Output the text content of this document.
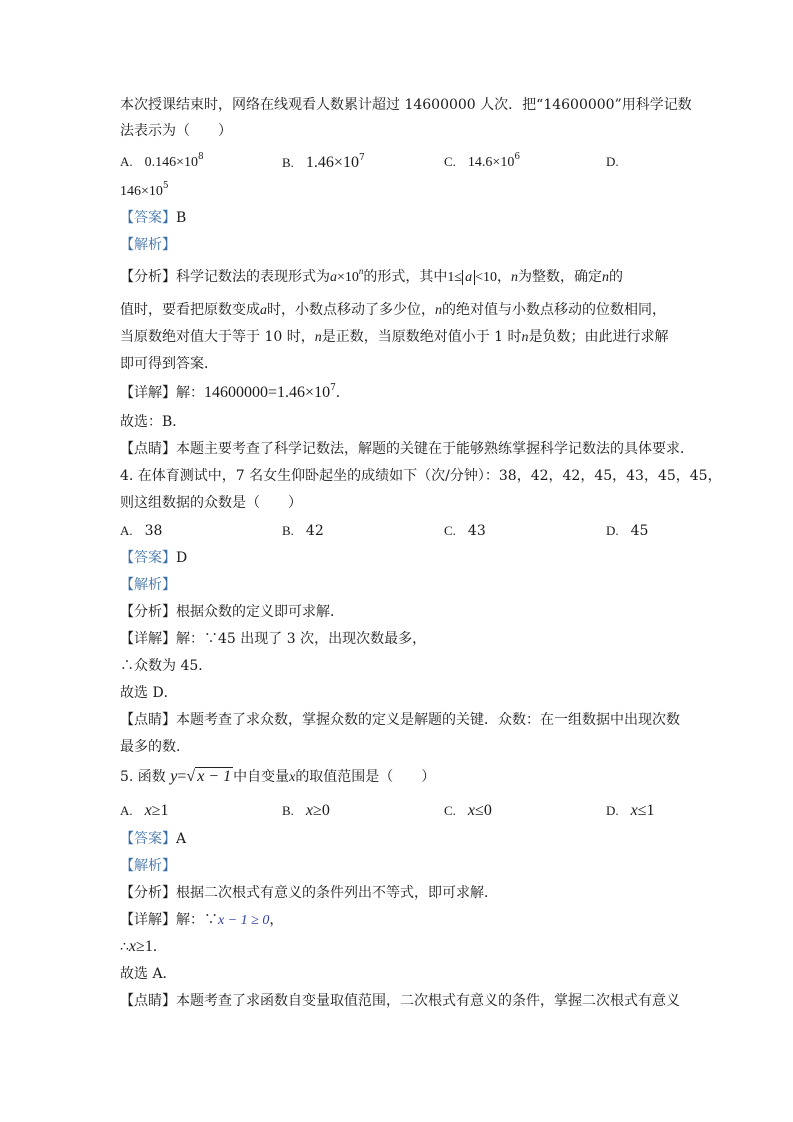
本次授课结束时，网络在线观看人数累计超过 14600000 人次．把“14600000”用科学记数
法表示为（　　）
A. $0.146\times 10^8$	B. $1.46\times 10^7$	C. $14.6\times 10^6$	D.
$146\times 10^5$
【答案】B
【解析】
【分析】科学记数法的表现形式为$a\times 10^n$的形式，其中1≤ a <10，n为整数，确定n的
值时，要看把原数变成a时，小数点移动了多少位，n的绝对值与小数点移动的位数相同，
当原数绝对值大于等于 10 时，n是正数，当原数绝对值小于 1 时n是负数；由此进行求解
即可得到答案．
【详解】解：$14600000=1.46\times 10^7$．
故选：B．
【点睛】本题主要考查了科学记数法，解题的关键在于能够熟练掌握科学记数法的具体要求．
4. 在体育测试中，7 名女生仰卧起坐的成绩如下（次/分钟）：38，42，42，45，43，45，45，
则这组数据的众数是（　　）
A. 38	B. 42	C. 43	D. 45
【答案】D
【解析】
【分析】根据众数的定义即可求解．
【详解】解：∵45 出现了 3 次，出现次数最多，
∴众数为 45．
故选 D．
【点睛】本题考查了求众数，掌握众数的定义是解题的关键．众数：在一组数据中出现次数
最多的数．
5. 函数 y=√ x − 1 中自变量x的取值范围是（　　）
A. x≥1	B. x≥0	C. x≤0	D. x≤1
【答案】A
【解析】
【分析】根据二次根式有意义的条件列出不等式，即可求解．
【详解】解：∵x − 1 ≥ 0，
∴x≥1．
故选 A．
【点睛】本题考查了求函数自变量取值范围，二次根式有意义的条件，掌握二次根式有意义
